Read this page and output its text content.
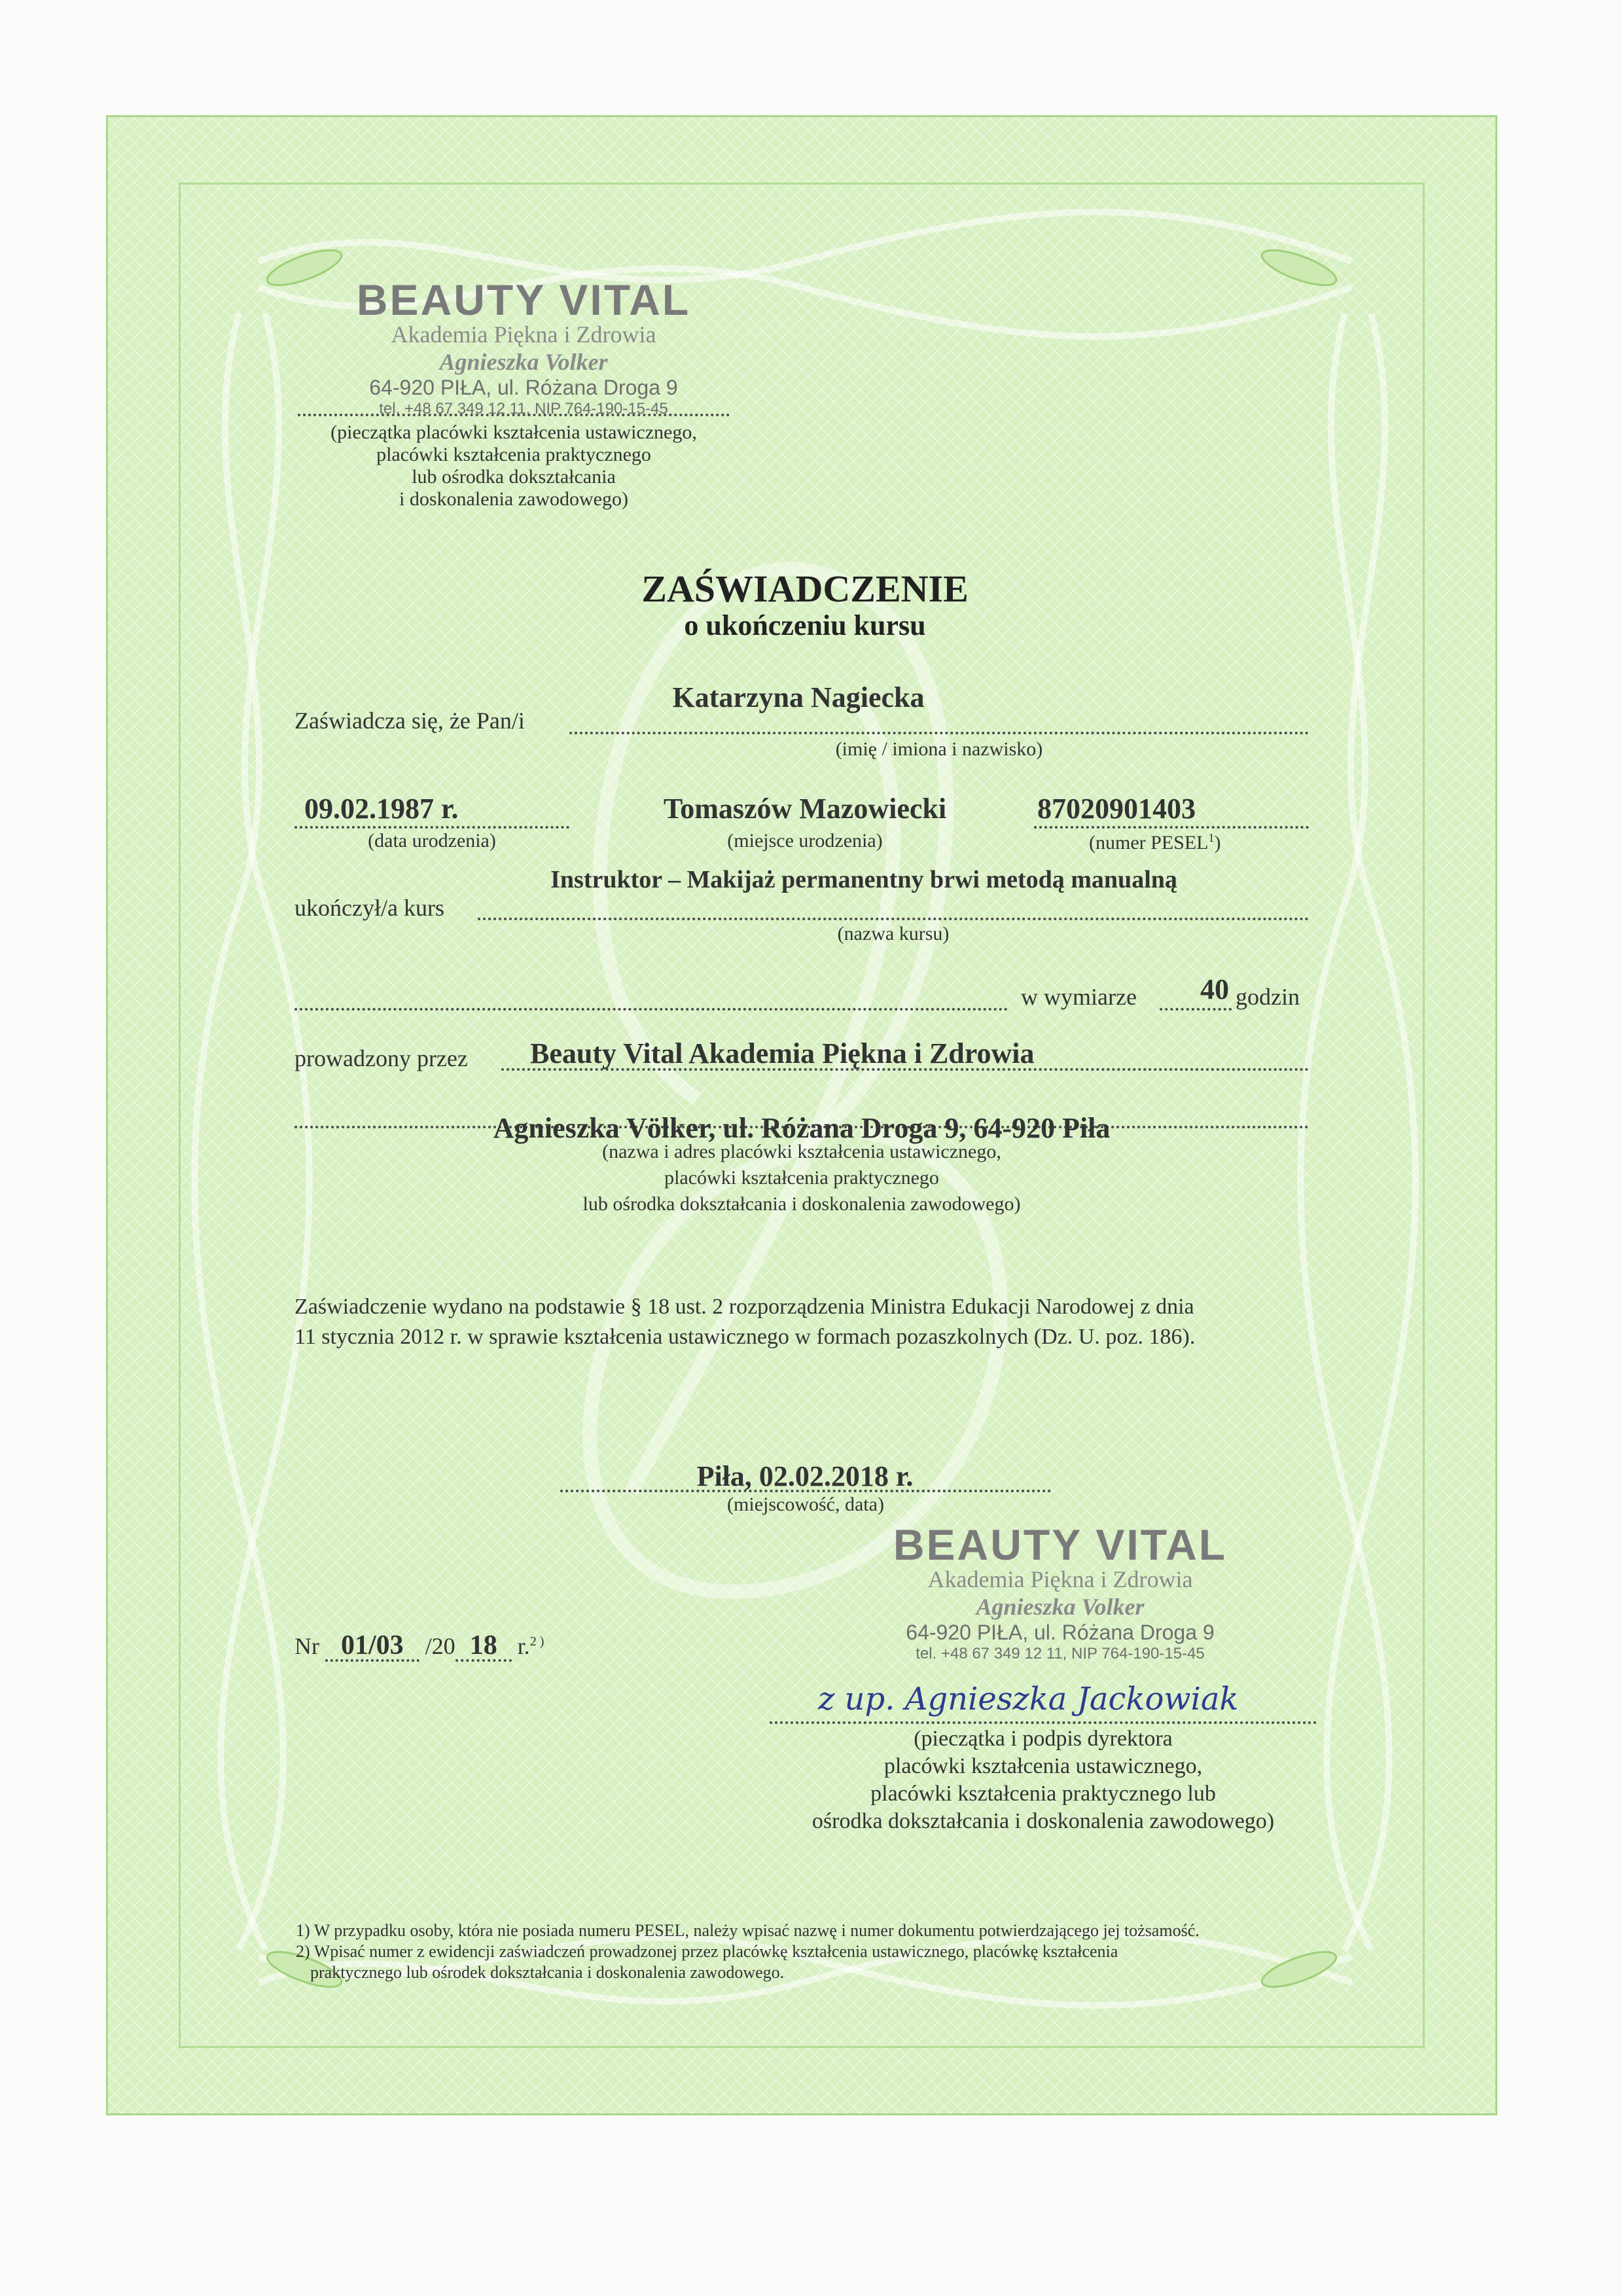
BEAUTY VITAL
Akademia Piękna i Zdrowia
Agnieszka Volker
64-920 PIŁA, ul. Różana Droga 9
tel. +48 67 349 12 11, NIP 764-190-15-45
(pieczątka placówki kształcenia ustawicznego,
placówki kształcenia praktycznego
lub ośrodka dokształcania
i doskonalenia zawodowego)
ZAŚWIADCZENIE
o ukończeniu kursu
Katarzyna Nagiecka
Zaświadcza się, że Pan/i
(imię / imiona i nazwisko)
09.02.1987 r.
(data urodzenia)
Tomaszów Mazowiecki
(miejsce urodzenia)
87020901403
(numer PESEL$^1$)
Instruktor – Makijaż permanentny brwi metodą manualną
ukończył/a kurs
(nazwa kursu)
w wymiarze 40 godzin
prowadzony przez Beauty Vital Akademia Piękna i Zdrowia
Agnieszka Völker, ul. Różana Droga 9, 64-920 Piła
(nazwa i adres placówki kształcenia ustawicznego,
placówki kształcenia praktycznego
lub ośrodka dokształcania i doskonalenia zawodowego)
Zaświadczenie wydano na podstawie § 18 ust. 2 rozporządzenia Ministra Edukacji Narodowej z dnia
11 stycznia 2012 r. w sprawie kształcenia ustawicznego w formach pozaszkolnych (Dz. U. poz. 186).
Piła, 02.02.2018 r.
(miejscowość, data)
BEAUTY VITAL
Akademia Piękna i Zdrowia
Agnieszka Volker
64-920 PIŁA, ul. Różana Droga 9
tel. +48 67 349 12 11, NIP 764-190-15-45
Nr 01/03 /20 18 r.$^{2 )}$
z up. Agnieszka Jackowiak
(pieczątka i podpis dyrektora
placówki kształcenia ustawicznego,
placówki kształcenia praktycznego lub
ośrodka dokształcania i doskonalenia zawodowego)
1) W przypadku osoby, która nie posiada numeru PESEL, należy wpisać nazwę i numer dokumentu potwierdzającego jej tożsamość.
2) Wpisać numer z ewidencji zaświadczeń prowadzonej przez placówkę kształcenia ustawicznego, placówkę kształcenia
praktycznego lub ośrodek dokształcania i doskonalenia zawodowego.
